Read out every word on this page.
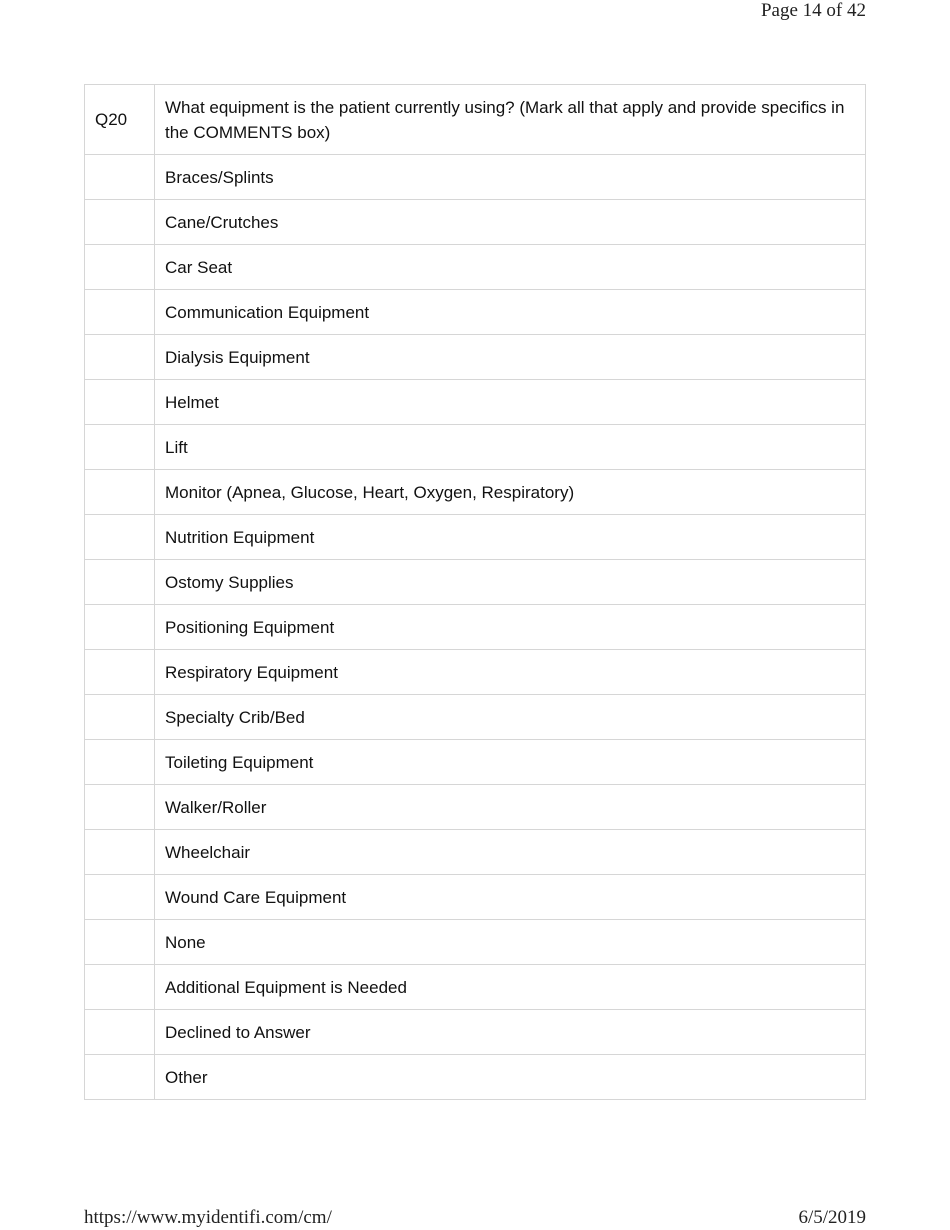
Page 14 of 42
Q20	What equipment is the patient currently using? (Mark all that apply and provide specifics in the COMMENTS box)
	Braces/Splints
	Cane/Crutches
	Car Seat
	Communication Equipment
	Dialysis Equipment
	Helmet
	Lift
	Monitor (Apnea, Glucose, Heart, Oxygen, Respiratory)
	Nutrition Equipment
	Ostomy Supplies
	Positioning Equipment
	Respiratory Equipment
	Specialty Crib/Bed
	Toileting Equipment
	Walker/Roller
	Wheelchair
	Wound Care Equipment
	None
	Additional Equipment is Needed
	Declined to Answer
	Other
https://www.myidentifi.com/cm/	6/5/2019
